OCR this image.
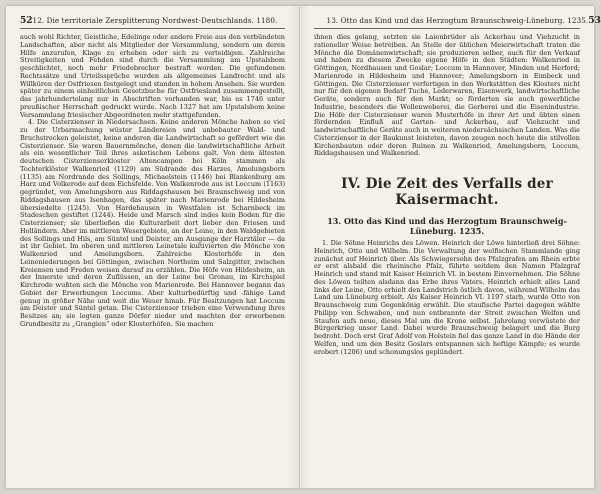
52 12. Die territoriale Zersplitterung Nordwest-Deutschlands. 1180.

auch wohl Richter, Geistliche, Edelinge oder andere Freie aus den verbündeten Landschaften, aber nicht als Mitglieder der Versammlung, sondern um deren Hilfe anzurufen, Klage zu erheben oder sich zu verteidigen. Zahlreiche Streitigkeiten und Fehden sind durch die Versammlung am Upstalsbom geschlichtet, noch mehr Friedebrecher bestraft worden. Die gefundenen Rechtssätze und Urteilssprüche wurden als allgemeines Landrecht und als Willküren der Ostfriesen festgelegt und standen in hohem Ansehen. Sie wurden später zu einem einheitlichen Gesetzbuche für Ostfriesland zusammengestellt, das jahrhundertelang nur in Abschriften vorhanden war, bis es 1746 unter preußischer Herrschaft gedruckt wurde. Nach 1327 hat am Upstalsbom keine Versammlung friesischer Abgeordneten mehr stattgefunden.

4. Die Cisterzienser in Niedersachsen. Keine anderen Mönche haben so viel zu der Urbarmachung wüster Ländereien und unbebauter Wald- und Bruchstrecken geleistet, keine anderen die Landwirtschaft so gefördert wie die Cisterzienser. Sie waren Bauernmönche, denen die landwirtschaftliche Arbeit als ein wesentlicher Teil ihres asketischen Lebens galt. Von dem ältesten deutschen Cisterzienserkloster Altencampen bei Köln stammen als Tochterklöster Walkenried (1129) am Südrande des Harzes, Amelungsborn (1135) am Nordrande des Sollings, Michaelstein (1146) bei Blankenburg am Harz und Volkerode auf dem Eichsfelde. Von Walkenrode aus ist Loccum (1163) gegründet, von Amelungsborn aus Riddagshausen bei Braunschweig und von Riddagshausen aus Isenhagen, das später nach Marienrode bei Hildesheim übersiedelte (1245). Von Hardehausen in Westfalen ist Scharnbeck im Stadeschen gestiftet (1244). Heide und Marsch sind indes kein Boden für die Cisterzienser; sie überließen die Kulturarbeit dort lieber den Friesen und Holländern. Aber im mittleren Wesergebiete, an der Leine, in den Waldgebieten des Sollings und Hils, am Süntel und Deister, am Ausgange der Harztäler — da ist ihr Gebiet. Im oberen und mittleren Leinetale kultivierten die Mönche von Walkenried und Amelungsborn. Zahlreiche Klosterhöfe in den Leineniederungen bei Göttingen, zwischen Northeim und Salzgitter, zwischen Kreiensen und Freden weisen darauf zu erzählen. Die Höfe von Hildesheim, an der Innerste und deren Zuflüssen, an der Leine bei Gronau, im Kirchspiel Kirchrode wußten sich die Mönche von Marienrode. Bei Hannover begann das Gebiet der Erwerbungen Loccums. Aber kulturbedürftig und -fähige Land genug in größer Nähe und weit die Weser hinab. Für Besitzungen hat Loccum am Deister und Süntel getan. Die Cisterzienser trieben eine Verwendung ihres Besitzes an; sie legten ganze Dörfer nieder und machten der erworbenen Grundbesitz zu „Grangien“ oder Klosterhöfen. Sie machen

13. Otto das Kind und das Herzogtum Braunschweig-Lüneburg. 1235. 53

ihnen dies gelang, setzten sie Laienbrüder als Ackerbau und Viehzucht in rationeller Weise betreiben. An Stelle der üblichen Meierwirtschaft traten die Mönche die Domänenwirtschaft; sie produzieren selber, auch für den Verkauf und haben zu diesem Zwecke eigene Höfe in den Städten: Walkenried in Göttingen, Nordhausen und Goslar; Loccum in Hannover, Minden und Herford; Marienrode in Hildesheim und Hannover; Amelungsborn in Eimbeck und Göttingen. Die Cisterzienser verfertigen in den Werkstätten des Klosters nicht nur für den eigenen Bedarf Tuche, Lederwaren, Eisenwerk, landwirtschaftliche Geräte, sondern auch für den Markt; so förderten sie auch gewerbliche Industrie, besonders die Wollenweberei, die Gerberei und die Eisenindustrie. Die Höfe der Cisterzienser waren Musterhöfe in ihrer Art und übten einen fördernden Einfluß auf Garten- und Ackerbau, auf Viehzucht und landwirtschaftliche Geräte auch in weiteren niedersächsischen Landen. Was die Cisterzienser in der Baukunst leisteten, davon zeugen noch heute die stilvollen Kirchenbauten oder deren Ruinen zu Walkenried, Amelungsborn, Loccum, Riddagshausen und Walkenried.

IV. Die Zeit des Verfalls der Kaisermacht.
13. Otto das Kind und das Herzogtum Braunschweig-Lüneburg. 1235.

1. Die Söhne Heinrichs des Löwen. Heinrich der Löwe hinterließ drei Söhne: Heinrich, Otto und Wilhelm. Die Verwaltung der welfischen Stammlande ging zunächst auf Heinrich über. Als Schwiegersohn des Pfalzgrafen am Rhein erbte er erst alsbald die rheinische Pfalz, führte seitdem den Namen Pfalzgraf Heinrich und stand mit Kaiser Heinrich VI. in bestem Einvernehmen. Die Söhne des Löwen teilten alsdann das Erbe ihres Vaters. Heinrich erhielt alles Land links der Leine, Otto erhielt den Landstrich östlich davon, während Wilhelm das Land um Lüneburg erbielt. Als Kaiser Heinrich VI. 1197 starb, wurde Otto von Braunschweig zum Gegenkönig erwählt. Die staufische Partei dagegen wählte Philipp von Schwaben, und nun entbrannte der Streit zwischen Welfen und Staufen aufs neue, dieses Mal um die Krone selbst. Jahrelang verwüstete der Bürgerkrieg unser Land. Dabei wurde Braunschweig belagert und die Burg bedroht. Doch erst Graf Adolf von Holstein fiel das ganze Land in die Hände der Welfen, und um den Besitz Goslars entspannen sich heftige Kämpfe; es wurde erobert (1206) und schonungslos geplündert.
